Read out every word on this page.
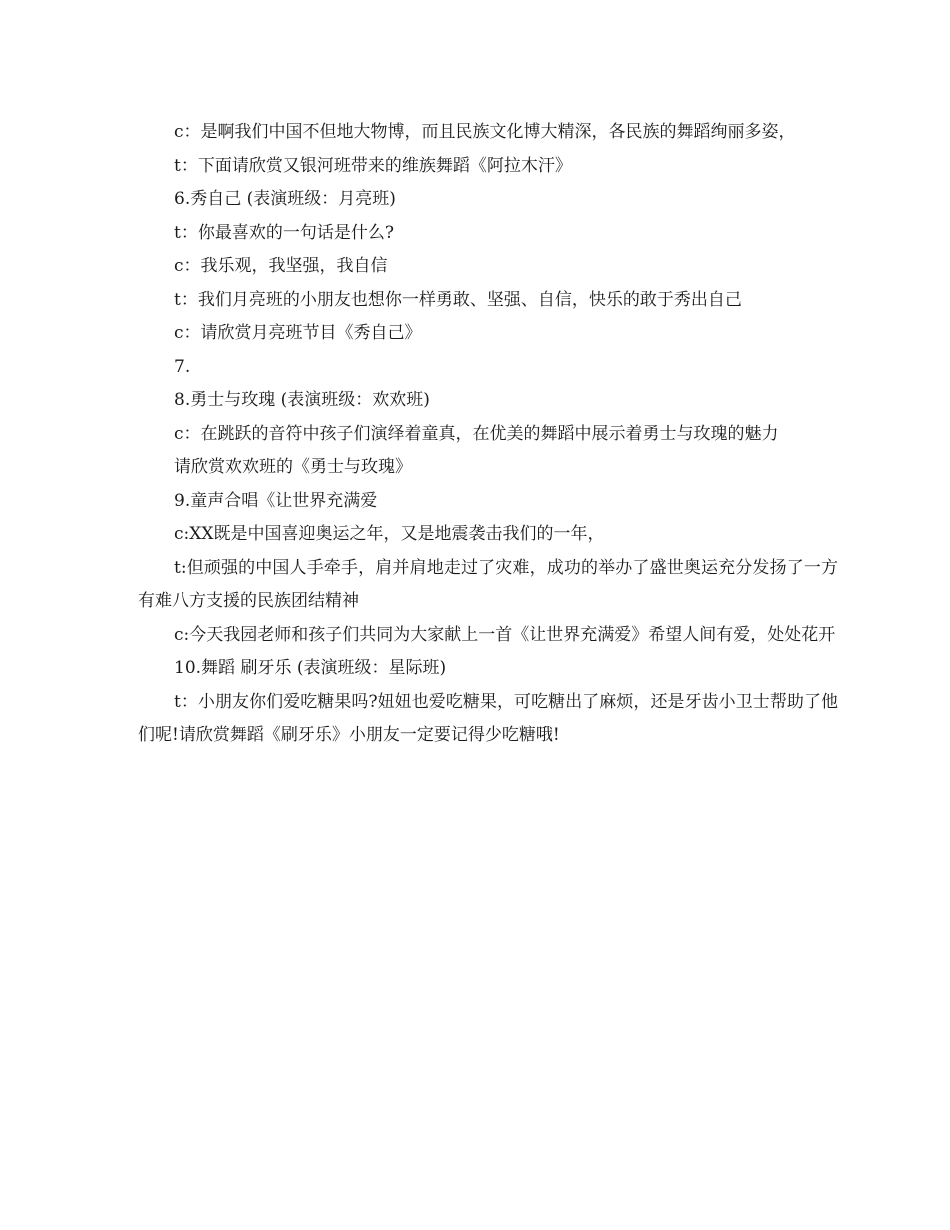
c：是啊我们中国不但地大物博，而且民族文化博大精深，各民族的舞蹈绚丽多姿，

t：下面请欣赏又银河班带来的维族舞蹈《阿拉木汗》

6.秀自己 (表演班级：月亮班)

t：你最喜欢的一句话是什么?

c：我乐观，我坚强，我自信

t：我们月亮班的小朋友也想你一样勇敢、坚强、自信，快乐的敢于秀出自己

c：请欣赏月亮班节目《秀自己》

7.

8.勇士与玫瑰 (表演班级：欢欢班)

c：在跳跃的音符中孩子们演绎着童真，在优美的舞蹈中展示着勇士与玫瑰的魅力

请欣赏欢欢班的《勇士与玫瑰》

9.童声合唱《让世界充满爱

c:XX既是中国喜迎奥运之年，又是地震袭击我们的一年，

t:但顽强的中国人手牵手，肩并肩地走过了灾难，成功的举办了盛世奥运充分发扬了一方有难八方支援的民族团结精神

c:今天我园老师和孩子们共同为大家献上一首《让世界充满爱》希望人间有爱，处处花开

10.舞蹈 刷牙乐 (表演班级：星际班)

t：小朋友你们爱吃糖果吗?妞妞也爱吃糖果，可吃糖出了麻烦，还是牙齿小卫士帮助了他们呢!请欣赏舞蹈《刷牙乐》小朋友一定要记得少吃糖哦!
